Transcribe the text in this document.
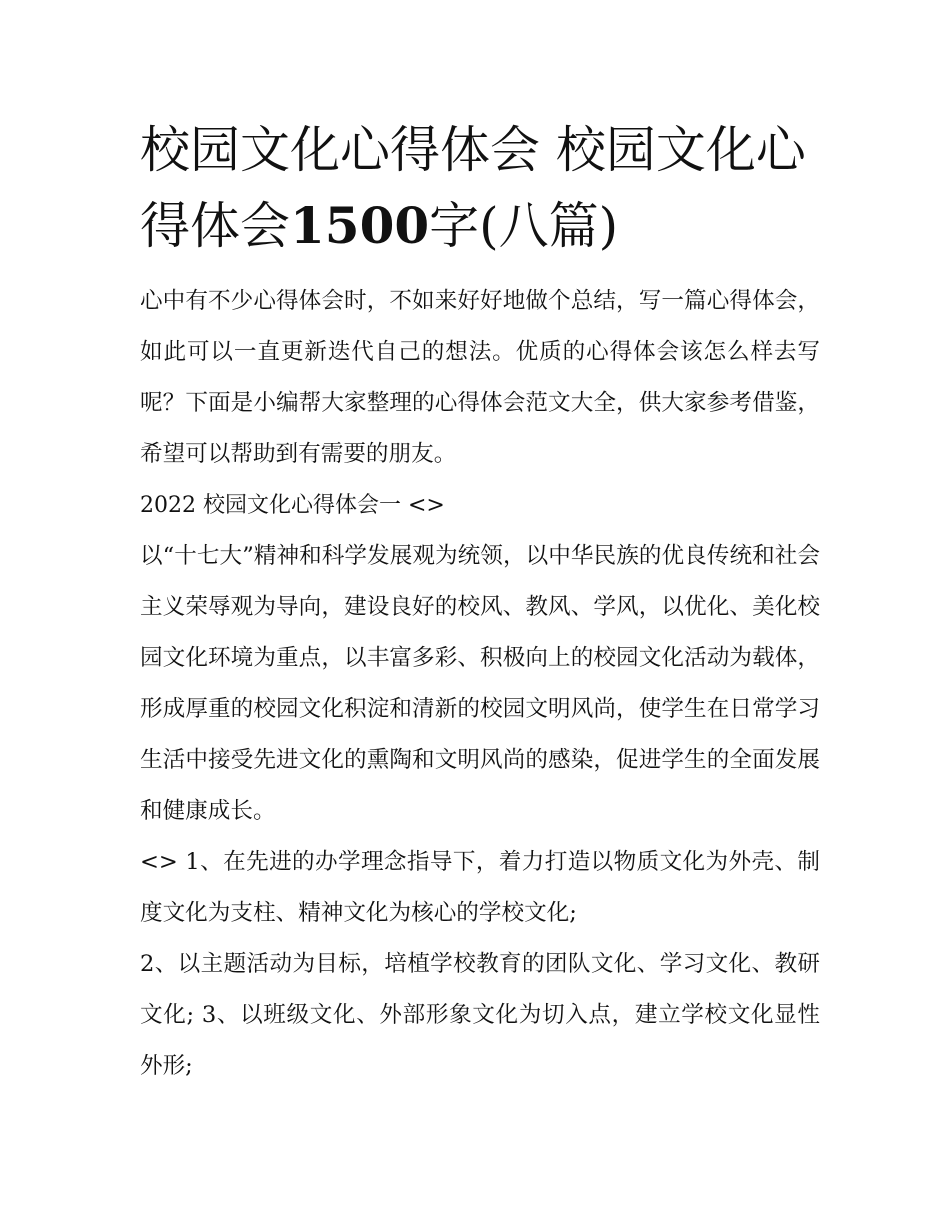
校园文化心得体会 校园文化心得体会1500字(八篇)

心中有不少心得体会时，不如来好好地做个总结，写一篇心得体会，如此可以一直更新迭代自己的想法。优质的心得体会该怎么样去写呢？下面是小编帮大家整理的心得体会范文大全，供大家参考借鉴，希望可以帮助到有需要的朋友。

2022 校园文化心得体会一 <>

以“十七大”精神和科学发展观为统领，以中华民族的优良传统和社会主义荣辱观为导向，建设良好的校风、教风、学风，以优化、美化校园文化环境为重点，以丰富多彩、积极向上的校园文化活动为载体，形成厚重的校园文化积淀和清新的校园文明风尚，使学生在日常学习生活中接受先进文化的熏陶和文明风尚的感染，促进学生的全面发展和健康成长。

<> 1、在先进的办学理念指导下，着力打造以物质文化为外壳、制度文化为支柱、精神文化为核心的学校文化;

2、以主题活动为目标，培植学校教育的团队文化、学习文化、教研文化; 3、以班级文化、外部形象文化为切入点，建立学校文化显性外形;
